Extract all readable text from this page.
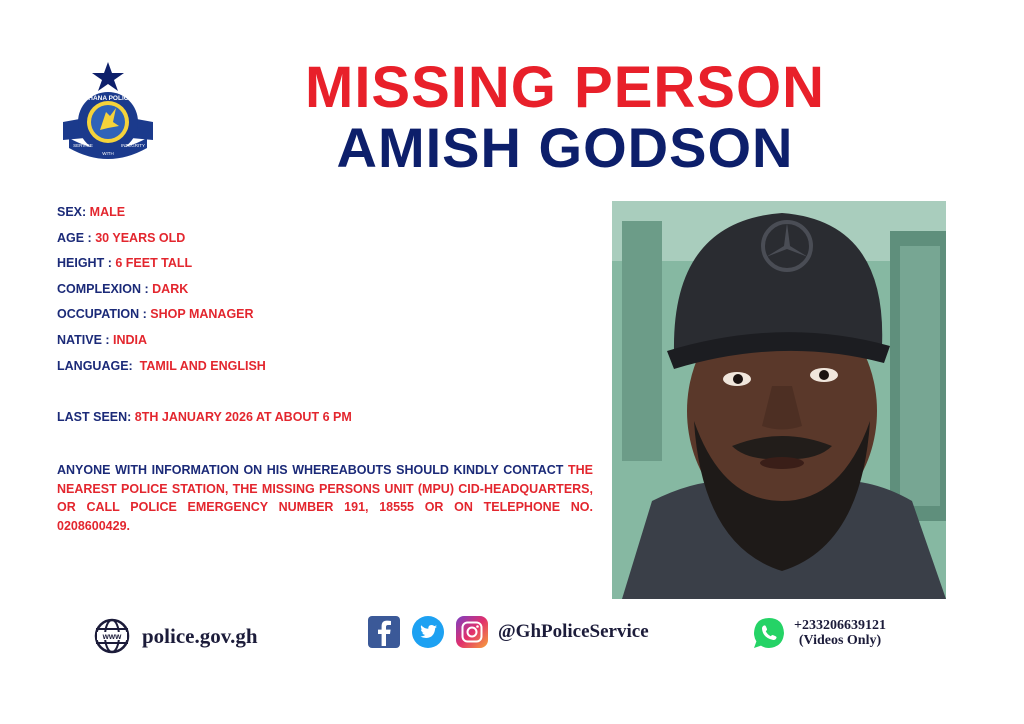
GHANA POLICE
SERVICE
WITH
INTEGRITY
MISSING PERSON
AMISH GODSON
SEX: MALE
AGE : 30 YEARS OLD
HEIGHT : 6 FEET TALL
COMPLEXION : DARK
OCCUPATION : SHOP MANAGER
NATIVE : INDIA
LANGUAGE: TAMIL AND ENGLISH
LAST SEEN: 8TH JANUARY 2026 AT ABOUT 6 PM
ANYONE WITH INFORMATION ON HIS WHEREABOUTS SHOULD KINDLY CONTACT THE NEAREST POLICE STATION, THE MISSING PERSONS UNIT (MPU) CID-HEADQUARTERS, OR CALL POLICE EMERGENCY NUMBER 191, 18555 OR ON TELEPHONE NO. 0208600429.
www police.gov.gh	@GhPoliceService	+233206639121
(Videos Only)
